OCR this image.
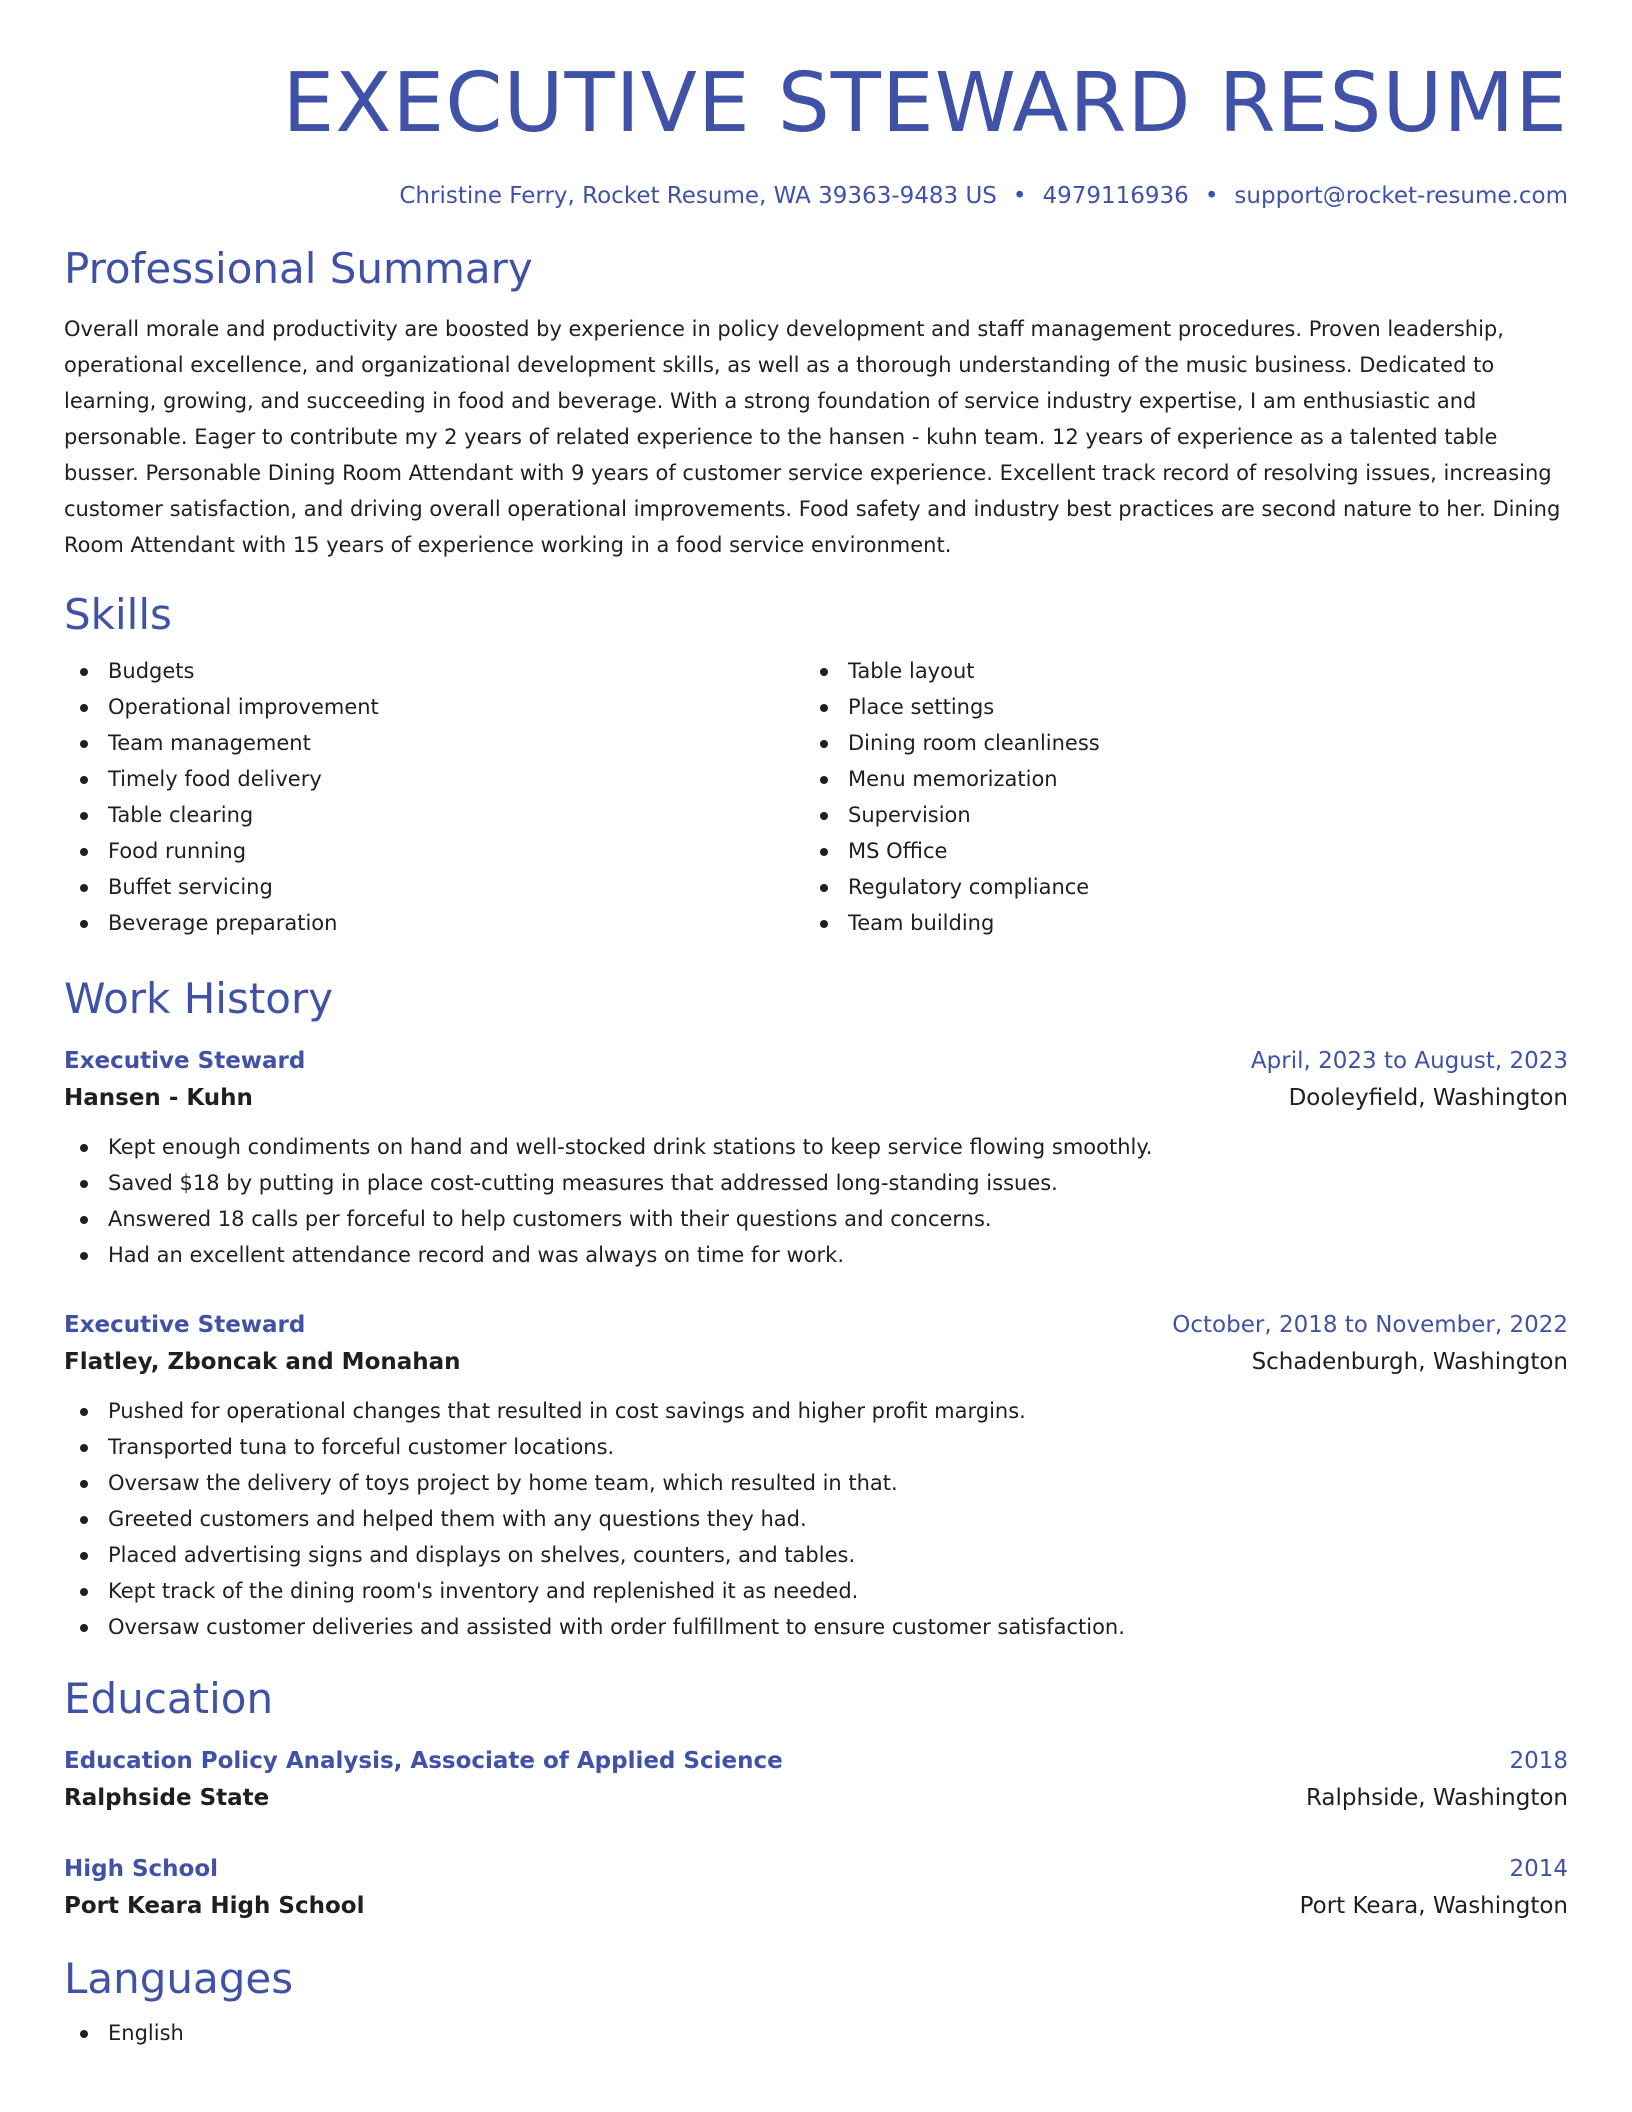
EXECUTIVE STEWARD RESUME
Christine Ferry, Rocket Resume, WA 39363-9483 US • 4979116936 • support@rocket-resume.com
Professional Summary

Overall morale and productivity are boosted by experience in policy development and staff management procedures. Proven leadership, operational excellence, and organizational development skills, as well as a thorough understanding of the music business. Dedicated to learning, growing, and succeeding in food and beverage. With a strong foundation of service industry expertise, I am enthusiastic and personable. Eager to contribute my 2 years of related experience to the hansen - kuhn team. 12 years of experience as a talented table busser. Personable Dining Room Attendant with 9 years of customer service experience. Excellent track record of resolving issues, increasing customer satisfaction, and driving overall operational improvements. Food safety and industry best practices are second nature to her. Dining Room Attendant with 15 years of experience working in a food service environment.

Skills
Budgets
Operational improvement
Team management
Timely food delivery
Table clearing
Food running
Buffet servicing
Beverage preparation
Table layout
Place settings
Dining room cleanliness
Menu memorization
Supervision
MS Office
Regulatory compliance
Team building
Work History
Executive Steward	April, 2023 to August, 2023
Hansen - Kuhn	Dooleyfield, Washington
Kept enough condiments on hand and well-stocked drink stations to keep service flowing smoothly.
Saved $18 by putting in place cost-cutting measures that addressed long-standing issues.
Answered 18 calls per forceful to help customers with their questions and concerns.
Had an excellent attendance record and was always on time for work.
Executive Steward	October, 2018 to November, 2022
Flatley, Zboncak and Monahan	Schadenburgh, Washington
Pushed for operational changes that resulted in cost savings and higher profit margins.
Transported tuna to forceful customer locations.
Oversaw the delivery of toys project by home team, which resulted in that.
Greeted customers and helped them with any questions they had.
Placed advertising signs and displays on shelves, counters, and tables.
Kept track of the dining room's inventory and replenished it as needed.
Oversaw customer deliveries and assisted with order fulfillment to ensure customer satisfaction.
Education
Education Policy Analysis, Associate of Applied Science	2018
Ralphside State	Ralphside, Washington
High School	2014
Port Keara High School	Port Keara, Washington
Languages
English
